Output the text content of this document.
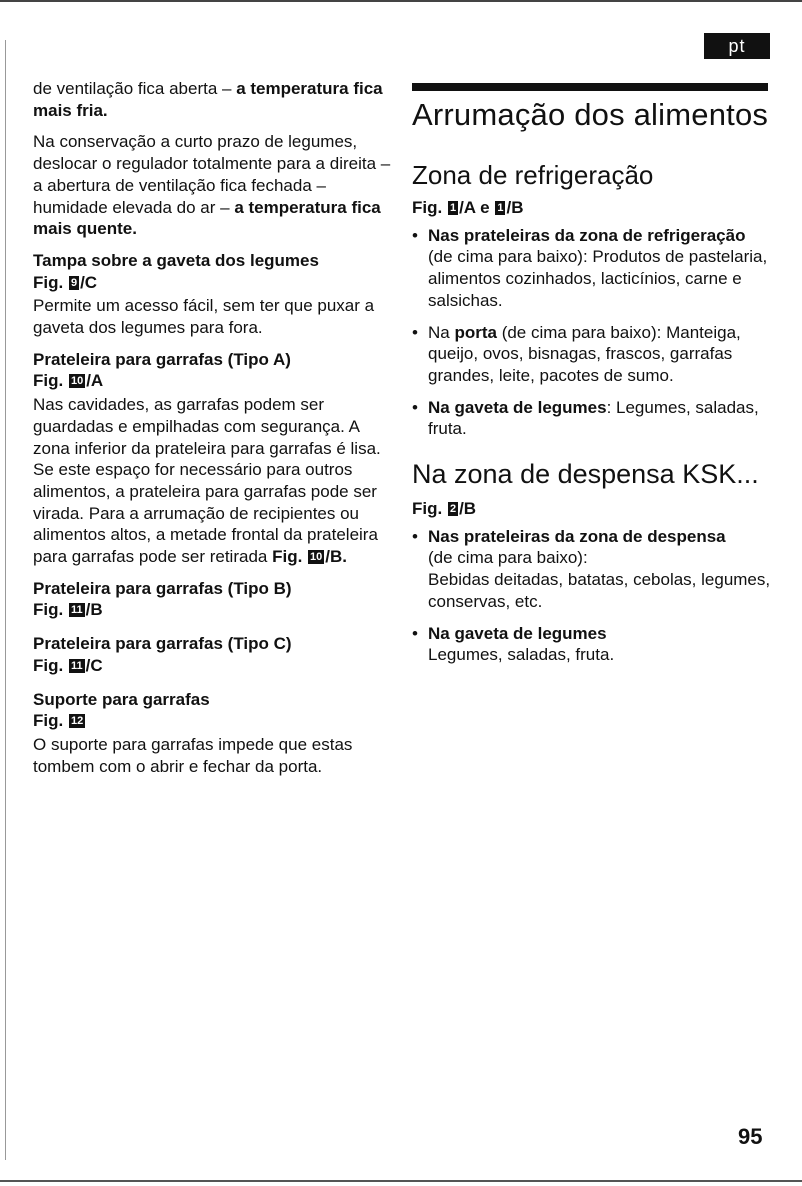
pt

de ventilação fica aberta – a temperatura fica mais fria.

Na conservação a curto prazo de legumes, deslocar o regulador totalmente para a direita – a abertura de ventilação fica fechada – humidade elevada do ar – a temperatura fica mais quente.

Tampa sobre a gaveta dos legumes
Fig. 9 /C

Permite um acesso fácil, sem ter que puxar a gaveta dos legumes para fora.

Prateleira para garrafas (Tipo A)
Fig. 10 /A

Nas cavidades, as garrafas podem ser guardadas e empilhadas com segurança. A zona inferior da prateleira para garrafas é lisa. Se este espaço for necessário para outros alimentos, a prateleira para garrafas pode ser virada. Para a arrumação de recipientes ou alimentos altos, a metade frontal da prateleira para garrafas pode ser retirada Fig. 10 /B.

Prateleira para garrafas (Tipo B)
Fig. 11 /B
Prateleira para garrafas (Tipo C)
Fig. 11 /C
Suporte para garrafas
Fig. 12

O suporte para garrafas impede que estas tombem com o abrir e fechar da porta.

Arrumação dos alimentos
Zona de refrigeração
Fig. 1 /A e 1 /B
• Nas prateleiras da zona de refrigeração
(de cima para baixo): Produtos de pastelaria, alimentos cozinhados, lacticínios, carne e salsichas.
• Na porta (de cima para baixo): Manteiga, queijo, ovos, bisnagas, frascos, garrafas grandes, leite, pacotes de sumo.
• Na gaveta de legumes: Legumes, saladas, fruta.
Na zona de despensa KSK...
Fig. 2 /B
• Nas prateleiras da zona de despensa
(de cima para baixo):
Bebidas deitadas, batatas, cebolas, legumes, conservas, etc.
• Na gaveta de legumes
Legumes, saladas, fruta.
95
